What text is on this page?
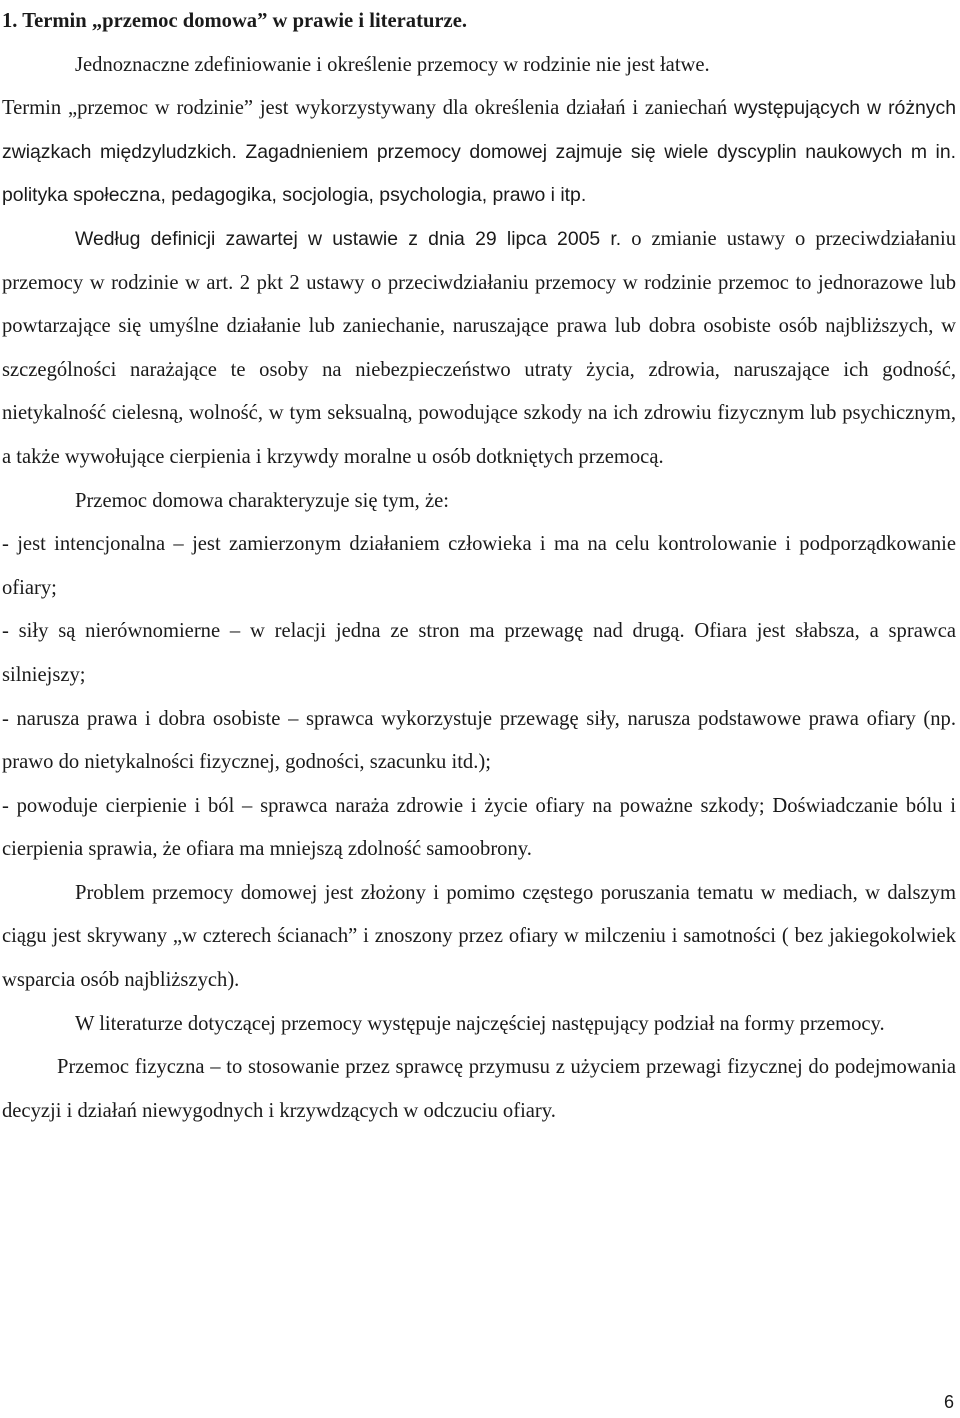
1. Termin „przemoc domowa” w prawie i literaturze.

Jednoznaczne zdefiniowanie i określenie przemocy w rodzinie nie jest łatwe.

Termin „przemoc w rodzinie” jest wykorzystywany dla określenia działań i zaniechań występujących w różnych związkach międzyludzkich. Zagadnieniem przemocy domowej zajmuje się wiele dyscyplin naukowych m in. polityka społeczna, pedagogika, socjologia, psychologia, prawo i itp.

Według definicji zawartej w ustawie z dnia 29 lipca 2005 r. o zmianie ustawy o przeciwdziałaniu przemocy w rodzinie w art. 2 pkt 2 ustawy o przeciwdziałaniu przemocy w rodzinie przemoc to jednorazowe lub powtarzające się umyślne działanie lub zaniechanie, naruszające prawa lub dobra osobiste osób najbliższych, w szczególności narażające te osoby na niebezpieczeństwo utraty życia, zdrowia, naruszające ich godność, nietykalność cielesną, wolność, w tym seksualną, powodujące szkody na ich zdrowiu fizycznym lub psychicznym, a także wywołujące cierpienia i krzywdy moralne u osób dotkniętych przemocą.

Przemoc domowa charakteryzuje się tym, że:

- jest intencjonalna – jest zamierzonym działaniem człowieka i ma na celu kontrolowanie i podporządkowanie ofiary;

- siły są nierównomierne – w relacji jedna ze stron ma przewagę nad drugą. Ofiara jest słabsza, a sprawca silniejszy;

- narusza prawa i dobra osobiste – sprawca wykorzystuje przewagę siły, narusza podstawowe prawa ofiary (np. prawo do nietykalności fizycznej, godności, szacunku itd.);

- powoduje cierpienie i ból – sprawca naraża zdrowie i życie ofiary na poważne szkody; Doświadczanie bólu i cierpienia sprawia, że ofiara ma mniejszą zdolność samoobrony.

Problem przemocy domowej jest złożony i pomimo częstego poruszania tematu w mediach, w dalszym ciągu jest skrywany „w czterech ścianach” i znoszony przez ofiary w milczeniu i samotności ( bez jakiegokolwiek wsparcia osób najbliższych).

W literaturze dotyczącej przemocy występuje najczęściej następujący podział na formy przemocy.

Przemoc fizyczna – to stosowanie przez sprawcę przymusu z użyciem przewagi fizycznej do podejmowania decyzji i działań niewygodnych i krzywdzących w odczuciu ofiary.

6
